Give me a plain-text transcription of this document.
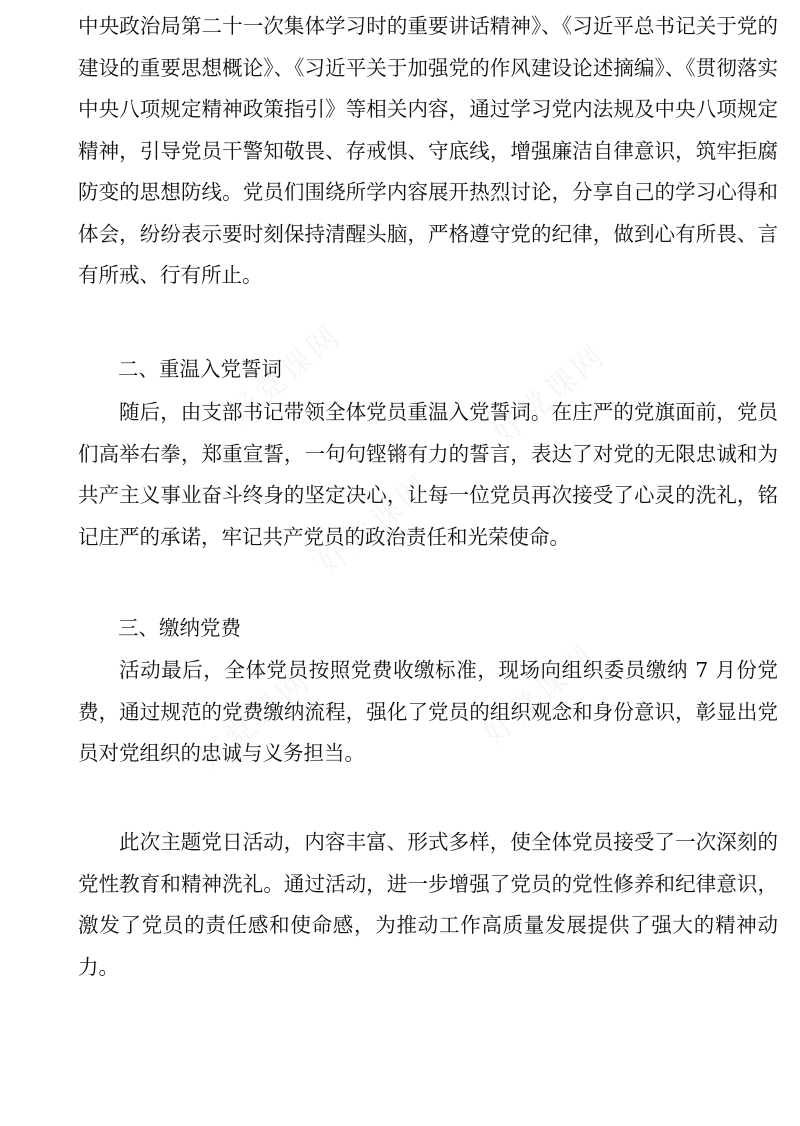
中央政治局第二十一次集体学习时的重要讲话精神》、《习近平总书记关于党的建设的重要思想概论》、《习近平关于加强党的作风建设论述摘编》、《贯彻落实中央八项规定精神政策指引》等相关内容，通过学习党内法规及中央八项规定精神，引导党员干警知敬畏、存戒惧、守底线，增强廉洁自律意识，筑牢拒腐防变的思想防线。党员们围绕所学内容展开热烈讨论，分享自己的学习心得和体会，纷纷表示要时刻保持清醒头脑，严格遵守党的纪律，做到心有所畏、言有所戒、行有所止。
二、重温入党誓词
随后，由支部书记带领全体党员重温入党誓词。在庄严的党旗面前，党员们高举右拳，郑重宣誓，一句句铿锵有力的誓言，表达了对党的无限忠诚和为共产主义事业奋斗终身的坚定决心，让每一位党员再次接受了心灵的洗礼，铭记庄严的承诺，牢记共产党员的政治责任和光荣使命。
三、缴纳党费
活动最后，全体党员按照党费收缴标准，现场向组织委员缴纳 7 月份党费，通过规范的党费缴纳流程，强化了党员的组织观念和身份意识，彰显出党员对党组织的忠诚与义务担当。
此次主题党日活动，内容丰富、形式多样，使全体党员接受了一次深刻的党性教育和精神洗礼。通过活动，进一步增强了党员的党性修养和纪律意识，激发了党员的责任感和使命感，为推动工作高质量发展提供了强大的精神动力。
